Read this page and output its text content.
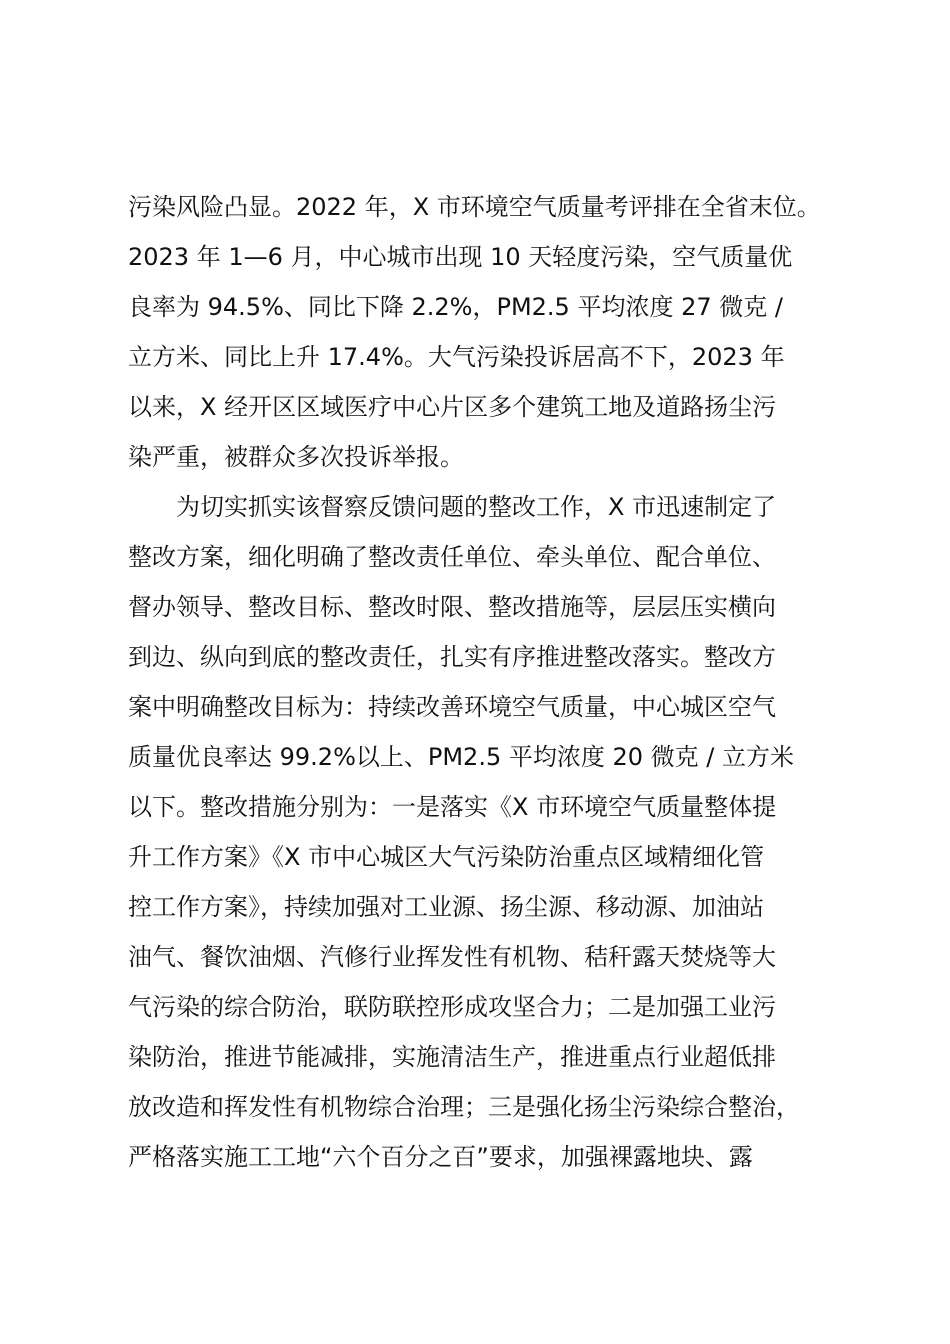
污染风险凸显。2022 年，X 市环境空气质量考评排在全省末位。
2023 年 1—6 月，中心城市出现 10 天轻度污染，空气质量优
良率为 94.5%、同比下降 2.2%，PM2.5 平均浓度 27 微克 /
立方米、同比上升 17.4%。大气污染投诉居高不下，2023 年
以来，X 经开区区域医疗中心片区多个建筑工地及道路扬尘污
染严重，被群众多次投诉举报。
为切实抓实该督察反馈问题的整改工作，X 市迅速制定了
整改方案，细化明确了整改责任单位、牵头单位、配合单位、
督办领导、整改目标、整改时限、整改措施等，层层压实横向
到边、纵向到底的整改责任，扎实有序推进整改落实。整改方
案中明确整改目标为：持续改善环境空气质量，中心城区空气
质量优良率达 99.2%以上、PM2.5 平均浓度 20 微克 / 立方米
以下。整改措施分别为：一是落实《X 市环境空气质量整体提
升工作方案》《X 市中心城区大气污染防治重点区域精细化管
控工作方案》，持续加强对工业源、扬尘源、移动源、加油站
油气、餐饮油烟、汽修行业挥发性有机物、秸秆露天焚烧等大
气污染的综合防治，联防联控形成攻坚合力；二是加强工业污
染防治，推进节能减排，实施清洁生产，推进重点行业超低排
放改造和挥发性有机物综合治理；三是强化扬尘污染综合整治，
严格落实施工工地“六个百分之百”要求，加强裸露地块、露
